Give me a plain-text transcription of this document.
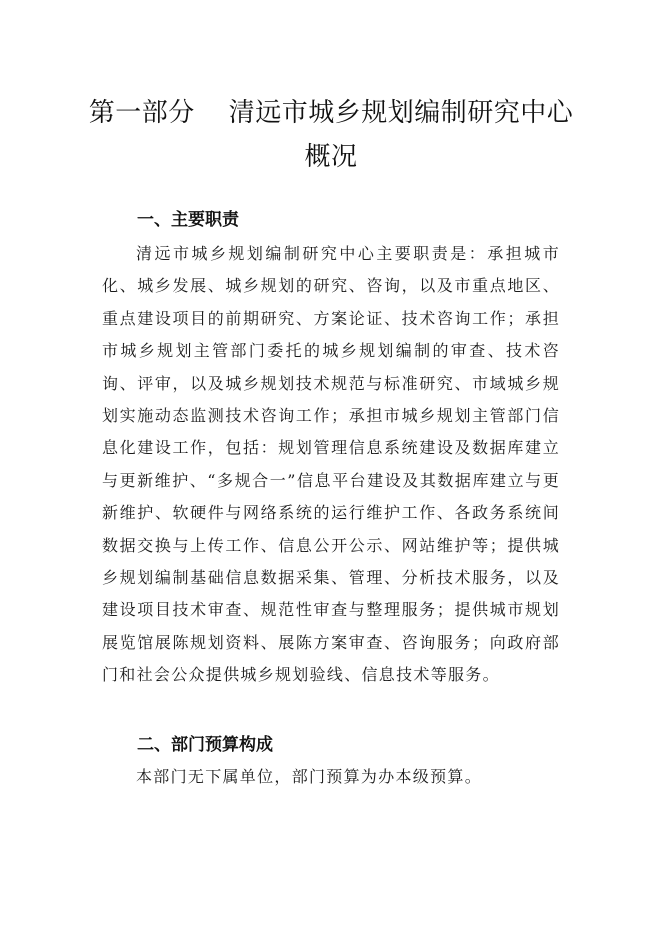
第一部分 清远市城乡规划编制研究中心
概况
一、主要职责

清远市城乡规划编制研究中心主要职责是：承担城市化、城乡发展、城乡规划的研究、咨询，以及市重点地区、重点建设项目的前期研究、方案论证、技术咨询工作；承担市城乡规划主管部门委托的城乡规划编制的审查、技术咨询、评审，以及城乡规划技术规范与标准研究、市域城乡规划实施动态监测技术咨询工作；承担市城乡规划主管部门信息化建设工作，包括：规划管理信息系统建设及数据库建立与更新维护、“多规合一”信息平台建设及其数据库建立与更新维护、软硬件与网络系统的运行维护工作、各政务系统间数据交换与上传工作、信息公开公示、网站维护等；提供城乡规划编制基础信息数据采集、管理、分析技术服务，以及建设项目技术审查、规范性审查与整理服务；提供城市规划展览馆展陈规划资料、展陈方案审查、咨询服务；向政府部门和社会公众提供城乡规划验线、信息技术等服务。

二、部门预算构成

本部门无下属单位，部门预算为办本级预算。
